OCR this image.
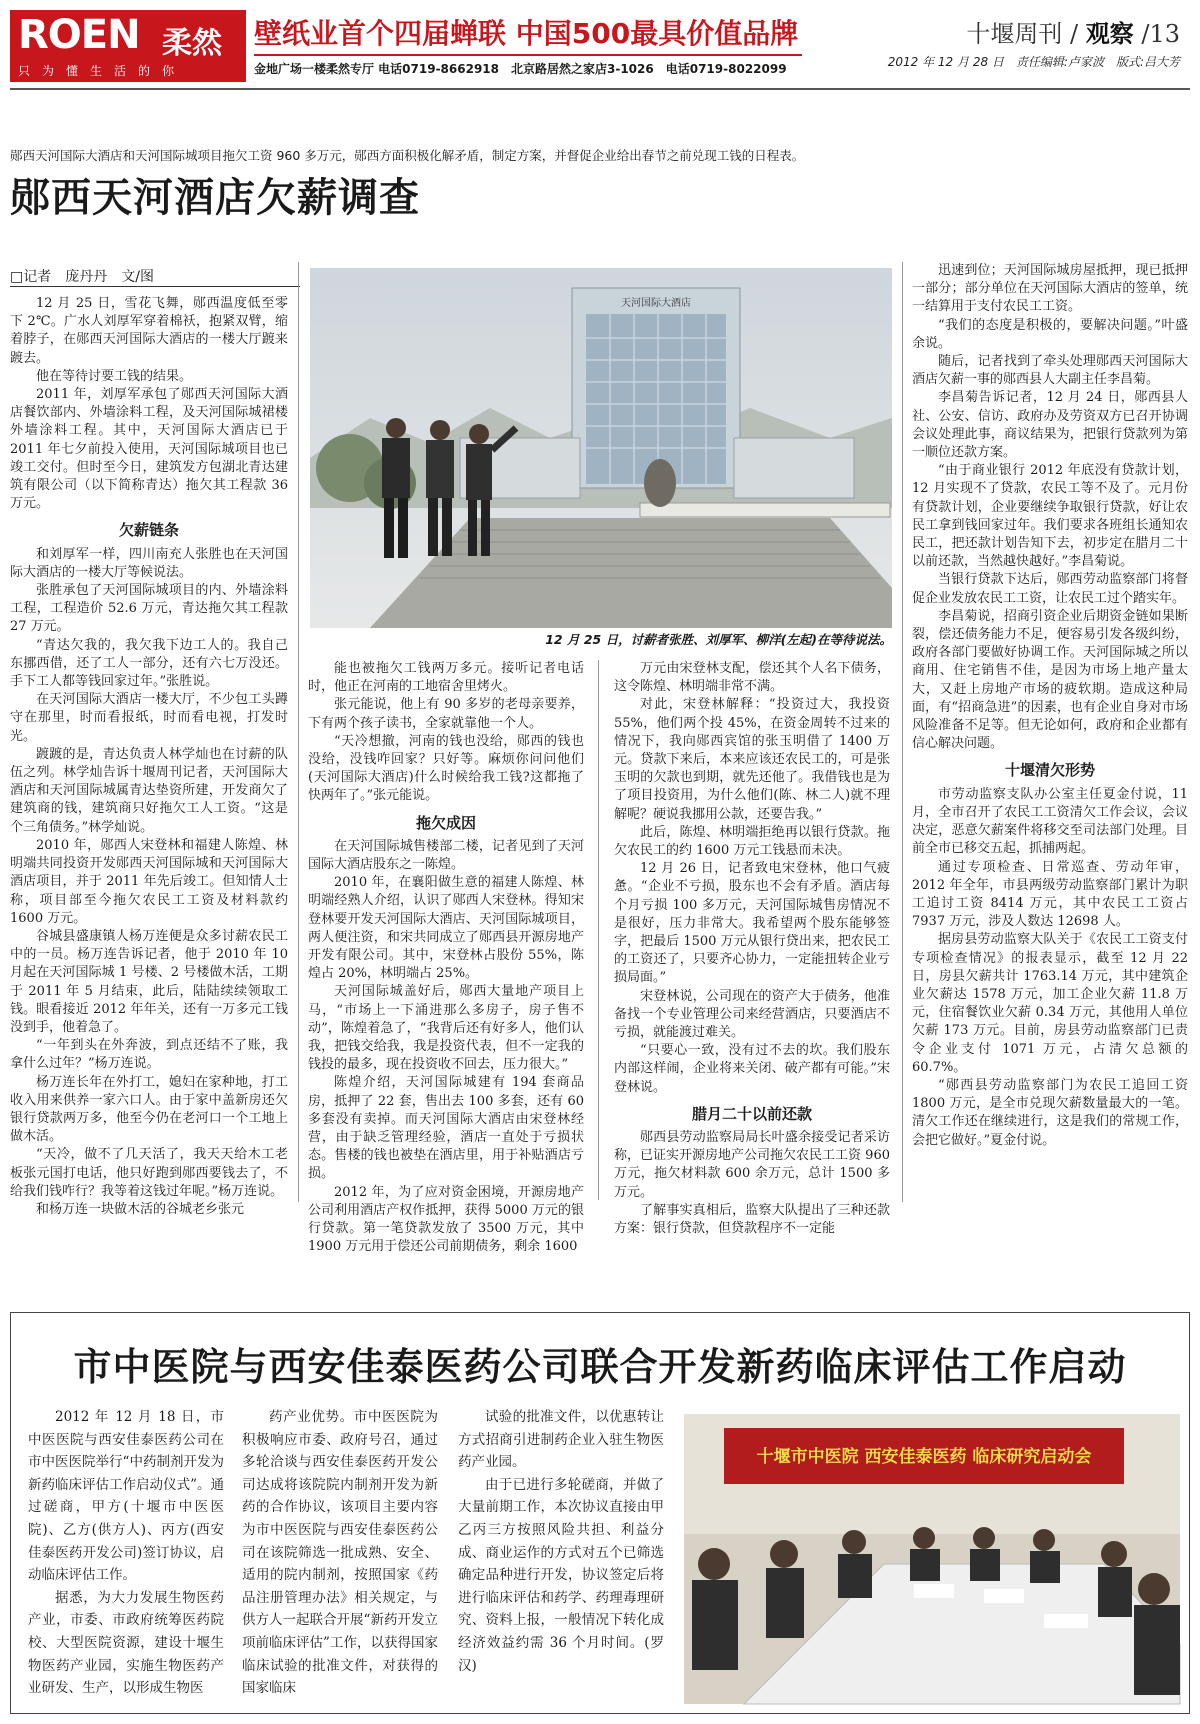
ROEN 柔然
只为懂生活的你
壁纸业首个四届蝉联 中国500最具价值品牌
金地广场一楼柔然专厅 电话0719-8662918　北京路居然之家店3-1026　电话0719-8022099
十堰周刊 / 观察 /13
2012 年 12 月 28 日　责任编辑:卢家波　版式:吕大芳
郧西天河国际大酒店和天河国际城项目拖欠工资 960 多万元，郧西方面积极化解矛盾，制定方案，并督促企业给出春节之前兑现工钱的日程表。
郧西天河酒店欠薪调查
□记者　庞丹丹　文/图

12 月 25 日，雪花飞舞，郧西温度低至零下 2℃。广水人刘厚军穿着棉袄，抱紧双臂，缩着脖子，在郧西天河国际大酒店的一楼大厅踱来踱去。

他在等待讨要工钱的结果。

2011 年，刘厚军承包了郧西天河国际大酒店餐饮部内、外墙涂料工程，及天河国际城裙楼外墙涂料工程。其中，天河国际大酒店已于 2011 年七夕前投入使用，天河国际城项目也已竣工交付。但时至今日，建筑发方包湖北青达建筑有限公司（以下简称青达）拖欠其工程款 36 万元。

欠薪链条

和刘厚军一样，四川南充人张胜也在天河国际大酒店的一楼大厅等候说法。

张胜承包了天河国际城项目的内、外墙涂料工程，工程造价 52.6 万元，青达拖欠其工程款 27 万元。

“青达欠我的，我欠我下边工人的。我自己东挪西借，还了工人一部分，还有六七万没还。手下工人都等钱回家过年。”张胜说。

在天河国际大酒店一楼大厅，不少包工头蹲守在那里，时而看报纸，时而看电视，打发时光。

踱踱的是，青达负责人林学灿也在讨薪的队伍之列。林学灿告诉十堰周刊记者，天河国际大酒店和天河国际城属青达垫资所建，开发商欠了建筑商的钱，建筑商只好拖欠工人工资。“这是个三角债务。”林学灿说。

2010 年，郧西人宋登林和福建人陈煌、林明端共同投资开发郧西天河国际城和天河国际大酒店项目，并于 2011 年先后竣工。但知情人士称，项目部至今拖欠农民工工资及材料款约 1600 万元。

谷城县盛康镇人杨万连便是众多讨薪农民工中的一员。杨万连告诉记者，他于 2010 年 10 月起在天河国际城 1 号楼、2 号楼做木活，工期于 2011 年 5 月结束，此后，陆陆续续领取工钱。眼看接近 2012 年年关，还有一万多元工钱没到手，他着急了。

“一年到头在外奔波，到点还结不了账，我拿什么过年？”杨万连说。

杨万连长年在外打工，媳妇在家种地，打工收入用来供养一家六口人。由于家中盖新房还欠银行贷款两万多，他至今仍在老河口一个工地上做木活。

“天冷，做不了几天活了，我天天给木工老板张元国打电话，他只好跑到郧西要钱去了，不给我们钱咋行？我等着这钱过年呢。”杨万连说。

和杨万连一块做木活的谷城老乡张元

天河国际大酒店
12 月 25 日，讨薪者张胜、刘厚军、柳洋(左起)在等待说法。

能也被拖欠工钱两万多元。接听记者电话时，他正在河南的工地宿舍里烤火。

张元能说，他上有 90 多岁的老母亲要养，下有两个孩子读书，全家就靠他一个人。

“天冷想撤，河南的钱也没给，郧西的钱也没给，没钱咋回家？只好等。麻烦你问问他们(天河国际大酒店)什么时候给我工钱?这都拖了快两年了。”张元能说。

拖欠成因

在天河国际城售楼部二楼，记者见到了天河国际大酒店股东之一陈煌。

2010 年，在襄阳做生意的福建人陈煌、林明端经熟人介绍，认识了郧西人宋登林。得知宋登林要开发天河国际大酒店、天河国际城项目，两人便注资，和宋共同成立了郧西县开源房地产开发有限公司。其中，宋登林占股份 55%，陈煌占 20%，林明端占 25%。

天河国际城盖好后，郧西大量地产项目上马，“市场上一下涌进那么多房子，房子售不动”，陈煌着急了，“我背后还有好多人，他们认我，把钱交给我，我是投资代表，但不一定我的钱投的最多，现在投资收不回去，压力很大。”

陈煌介绍，天河国际城建有 194 套商品房，抵押了 22 套，售出去 100 多套，还有 60 多套没有卖掉。而天河国际大酒店由宋登林经营，由于缺乏管理经验，酒店一直处于亏损状态。售楼的钱也被垫在酒店里，用于补贴酒店亏损。

2012 年，为了应对资金困境，开源房地产公司利用酒店产权作抵押，获得 5000 万元的银行贷款。第一笔贷款发放了 3500 万元，其中 1900 万元用于偿还公司前期债务，剩余 1600

万元由宋登林支配，偿还其个人名下债务，这令陈煌、林明端非常不满。

对此，宋登林解释：“投资过大，我投资 55%，他们两个投 45%，在资金周转不过来的情况下，我向郧西宾馆的张玉明借了 1400 万元。贷款下来后，本来应该还农民工的，可是张玉明的欠款也到期，就先还他了。我借钱也是为了项目投资用，为什么他们(陈、林二人)就不理解呢？硬说我挪用公款，还要告我。”

此后，陈煌、林明端拒绝再以银行贷款。拖欠农民工的约 1600 万元工钱悬而未决。

12 月 26 日，记者致电宋登林，他口气疲惫。“企业不亏损，股东也不会有矛盾。酒店每个月亏损 100 多万元，天河国际城售房情况不是很好，压力非常大。我希望两个股东能够签字，把最后 1500 万元从银行贷出来，把农民工的工资还了，只要齐心协力，一定能扭转企业亏损局面。”

宋登林说，公司现在的资产大于债务，他准备找一个专业管理公司来经营酒店，只要酒店不亏损，就能渡过难关。

“只要心一致，没有过不去的坎。我们股东内部这样闹，企业将来关闭、破产都有可能。”宋登林说。

腊月二十以前还款

郧西县劳动监察局局长叶盛余接受记者采访称，已证实开源房地产公司拖欠农民工工资 960 万元，拖欠材料款 600 余万元，总计 1500 多万元。

了解事实真相后，监察大队提出了三种还款方案：银行贷款，但贷款程序不一定能

迅速到位；天河国际城房屋抵押，现已抵押一部分；部分单位在天河国际大酒店的签单，统一结算用于支付农民工工资。

“我们的态度是积极的，要解决问题。”叶盛余说。

随后，记者找到了牵头处理郧西天河国际大酒店欠薪一事的郧西县人大副主任李昌菊。

李昌菊告诉记者，12 月 24 日，郧西县人社、公安、信访、政府办及劳资双方已召开协调会议处理此事，商议结果为，把银行贷款列为第一顺位还款方案。

“由于商业银行 2012 年底没有贷款计划，12 月实现不了贷款，农民工等不及了。元月份有贷款计划，企业要继续争取银行贷款，好让农民工拿到钱回家过年。我们要求各班组长通知农民工，把还款计划告知下去，初步定在腊月二十以前还款，当然越快越好。”李昌菊说。

当银行贷款下达后，郧西劳动监察部门将督促企业发放农民工工资，让农民工过个踏实年。

李昌菊说，招商引资企业后期资金链如果断裂，偿还债务能力不足，便容易引发各级纠纷，政府各部门要做好协调工作。天河国际城之所以商用、住宅销售不佳，是因为市场上地产量太大，又赶上房地产市场的疲软期。造成这种局面，有“招商急进”的因素，也有企业自身对市场风险准备不足等。但无论如何，政府和企业都有信心解决问题。

十堰清欠形势

市劳动监察支队办公室主任夏金付说，11 月，全市召开了农民工工资清欠工作会议，会议决定，恶意欠薪案件将移交至司法部门处理。目前全市已移交五起，抓捕两起。

通过专项检查、日常巡查、劳动年审，2012 年全年，市县两级劳动监察部门累计为职工追讨工资 8414 万元，其中农民工工资占 7937 万元，涉及人数达 12698 人。

据房县劳动监察大队关于《农民工工资支付专项检查情况》的报表显示，截至 12 月 22 日，房县欠薪共计 1763.14 万元，其中建筑企业欠薪达 1578 万元，加工企业欠薪 11.8 万元，住宿餐饮业欠薪 0.34 万元，其他用人单位欠薪 173 万元。目前，房县劳动监察部门已责令企业支付 1071 万元，占清欠总额的 60.7%。

“郧西县劳动监察部门为农民工追回工资 1800 万元，是全市兑现欠薪数量最大的一笔。清欠工作还在继续进行，这是我们的常规工作，会把它做好。”夏金付说。

市中医院与西安佳泰医药公司联合开发新药临床评估工作启动

2012 年 12 月 18 日，市中医医院与西安佳泰医药公司在市中医医院举行“中药制剂开发为新药临床评估工作启动仪式”。通过磋商，甲方(十堰市中医医院)、乙方(供方人)、丙方(西安佳泰医药开发公司)签订协议，启动临床评估工作。

据悉，为大力发展生物医药产业，市委、市政府统筹医药院校、大型医院资源，建设十堰生物医药产业园，实施生物医药产业研发、生产，以形成生物医

药产业优势。市中医医院为积极响应市委、政府号召，通过多轮洽谈与西安佳泰医药开发公司达成将该院院内制剂开发为新药的合作协议，该项目主要内容为市中医医院与西安佳泰医药公司在该院筛选一批成熟、安全、适用的院内制剂，按照国家《药品注册管理办法》相关规定，与供方人一起联合开展“新药开发立项前临床评估”工作，以获得国家临床试验的批准文件，对获得的国家临床

试验的批准文件，以优惠转让方式招商引进制药企业入驻生物医药产业园。

由于已进行多轮磋商，并做了大量前期工作，本次协议直接由甲乙丙三方按照风险共担、利益分成、商业运作的方式对五个已筛选确定品种进行开发，协议签定后将进行临床评估和药学、药理毒理研究、资料上报，一般情况下转化成经济效益约需 36 个月时间。(罗汉)

十堰市中医院 西安佳泰医药 临床研究启动会
